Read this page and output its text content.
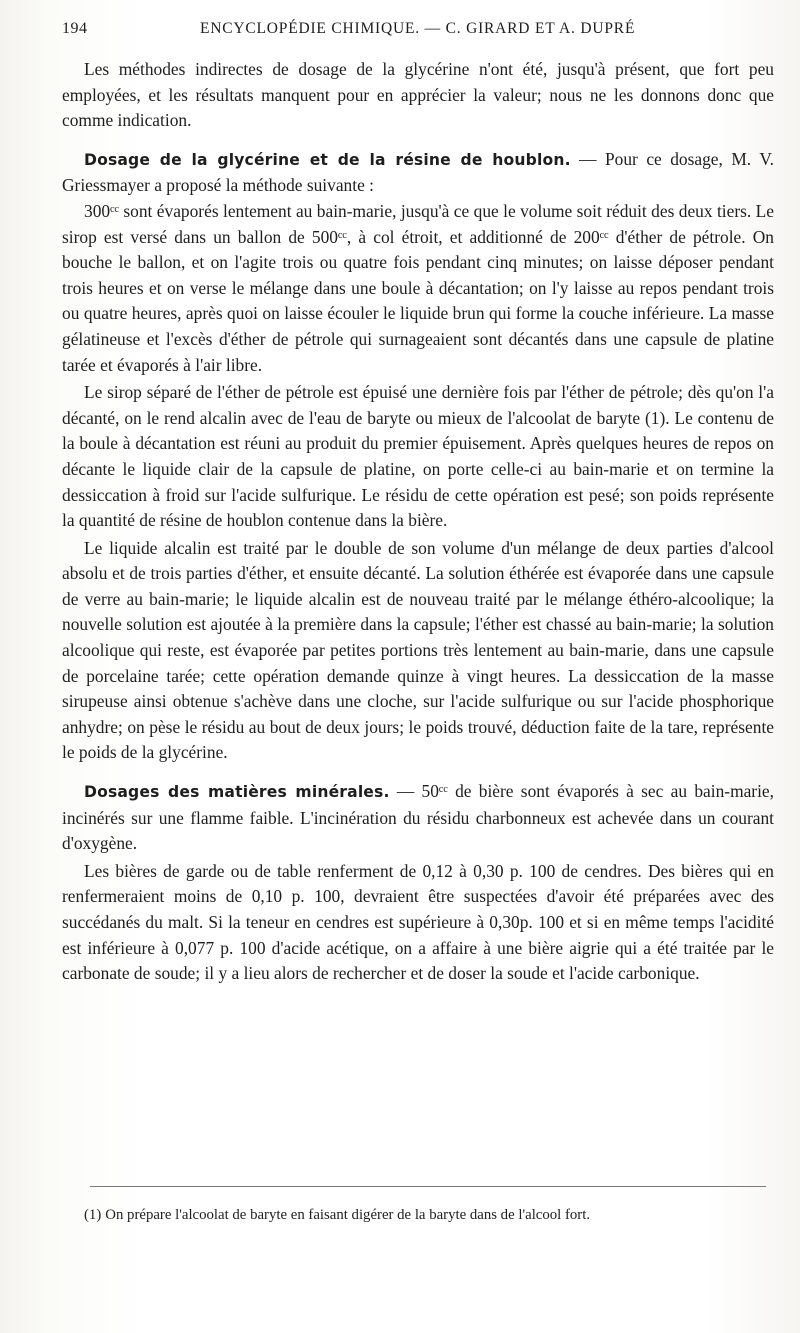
194	ENCYCLOPÉDIE CHIMIQUE. — C. GIRARD ET A. DUPRÉ

Les méthodes indirectes de dosage de la glycérine n'ont été, jusqu'à présent, que fort peu employées, et les résultats manquent pour en apprécier la valeur; nous ne les donnons donc que comme indication.

Dosage de la glycérine et de la résine de houblon. — Pour ce dosage, M. V. Griessmayer a proposé la méthode suivante :

300ᶜᶜ sont évaporés lentement au bain-marie, jusqu'à ce que le volume soit réduit des deux tiers. Le sirop est versé dans un ballon de 500ᶜᶜ, à col étroit, et additionné de 200ᶜᶜ d'éther de pétrole. On bouche le ballon, et on l'agite trois ou quatre fois pendant cinq minutes; on laisse déposer pendant trois heures et on verse le mélange dans une boule à décantation; on l'y laisse au repos pendant trois ou quatre heures, après quoi on laisse écouler le liquide brun qui forme la couche inférieure. La masse gélatineuse et l'excès d'éther de pétrole qui surnageaient sont décantés dans une capsule de platine tarée et évaporés à l'air libre.

Le sirop séparé de l'éther de pétrole est épuisé une dernière fois par l'éther de pétrole; dès qu'on l'a décanté, on le rend alcalin avec de l'eau de baryte ou mieux de l'alcoolat de baryte (1). Le contenu de la boule à décantation est réuni au produit du premier épuisement. Après quelques heures de repos on décante le liquide clair de la capsule de platine, on porte celle-ci au bain-marie et on termine la dessiccation à froid sur l'acide sulfurique. Le résidu de cette opération est pesé; son poids représente la quantité de résine de houblon contenue dans la bière.

Le liquide alcalin est traité par le double de son volume d'un mélange de deux parties d'alcool absolu et de trois parties d'éther, et ensuite décanté. La solution éthérée est évaporée dans une capsule de verre au bain-marie; le liquide alcalin est de nouveau traité par le mélange éthéro-alcoolique; la nouvelle solution est ajoutée à la première dans la capsule; l'éther est chassé au bain-marie; la solution alcoolique qui reste, est évaporée par petites portions très lentement au bain-marie, dans une capsule de porcelaine tarée; cette opération demande quinze à vingt heures. La dessiccation de la masse sirupeuse ainsi obtenue s'achève dans une cloche, sur l'acide sulfurique ou sur l'acide phosphorique anhydre; on pèse le résidu au bout de deux jours; le poids trouvé, déduction faite de la tare, représente le poids de la glycérine.

Dosages des matières minérales. — 50ᶜᶜ de bière sont évaporés à sec au bain-marie, incinérés sur une flamme faible. L'incinération du résidu charbonneux est achevée dans un courant d'oxygène.

Les bières de garde ou de table renferment de 0,12 à 0,30 p. 100 de cendres. Des bières qui en renfermeraient moins de 0,10 p. 100, devraient être suspectées d'avoir été préparées avec des succédanés du malt. Si la teneur en cendres est supérieure à 0,30p. 100 et si en même temps l'acidité est inférieure à 0,077 p. 100 d'acide acétique, on a affaire à une bière aigrie qui a été traitée par le carbonate de soude; il y a lieu alors de rechercher et de doser la soude et l'acide carbonique.

(1) On prépare l'alcoolat de baryte en faisant digérer de la baryte dans de l'alcool fort.
